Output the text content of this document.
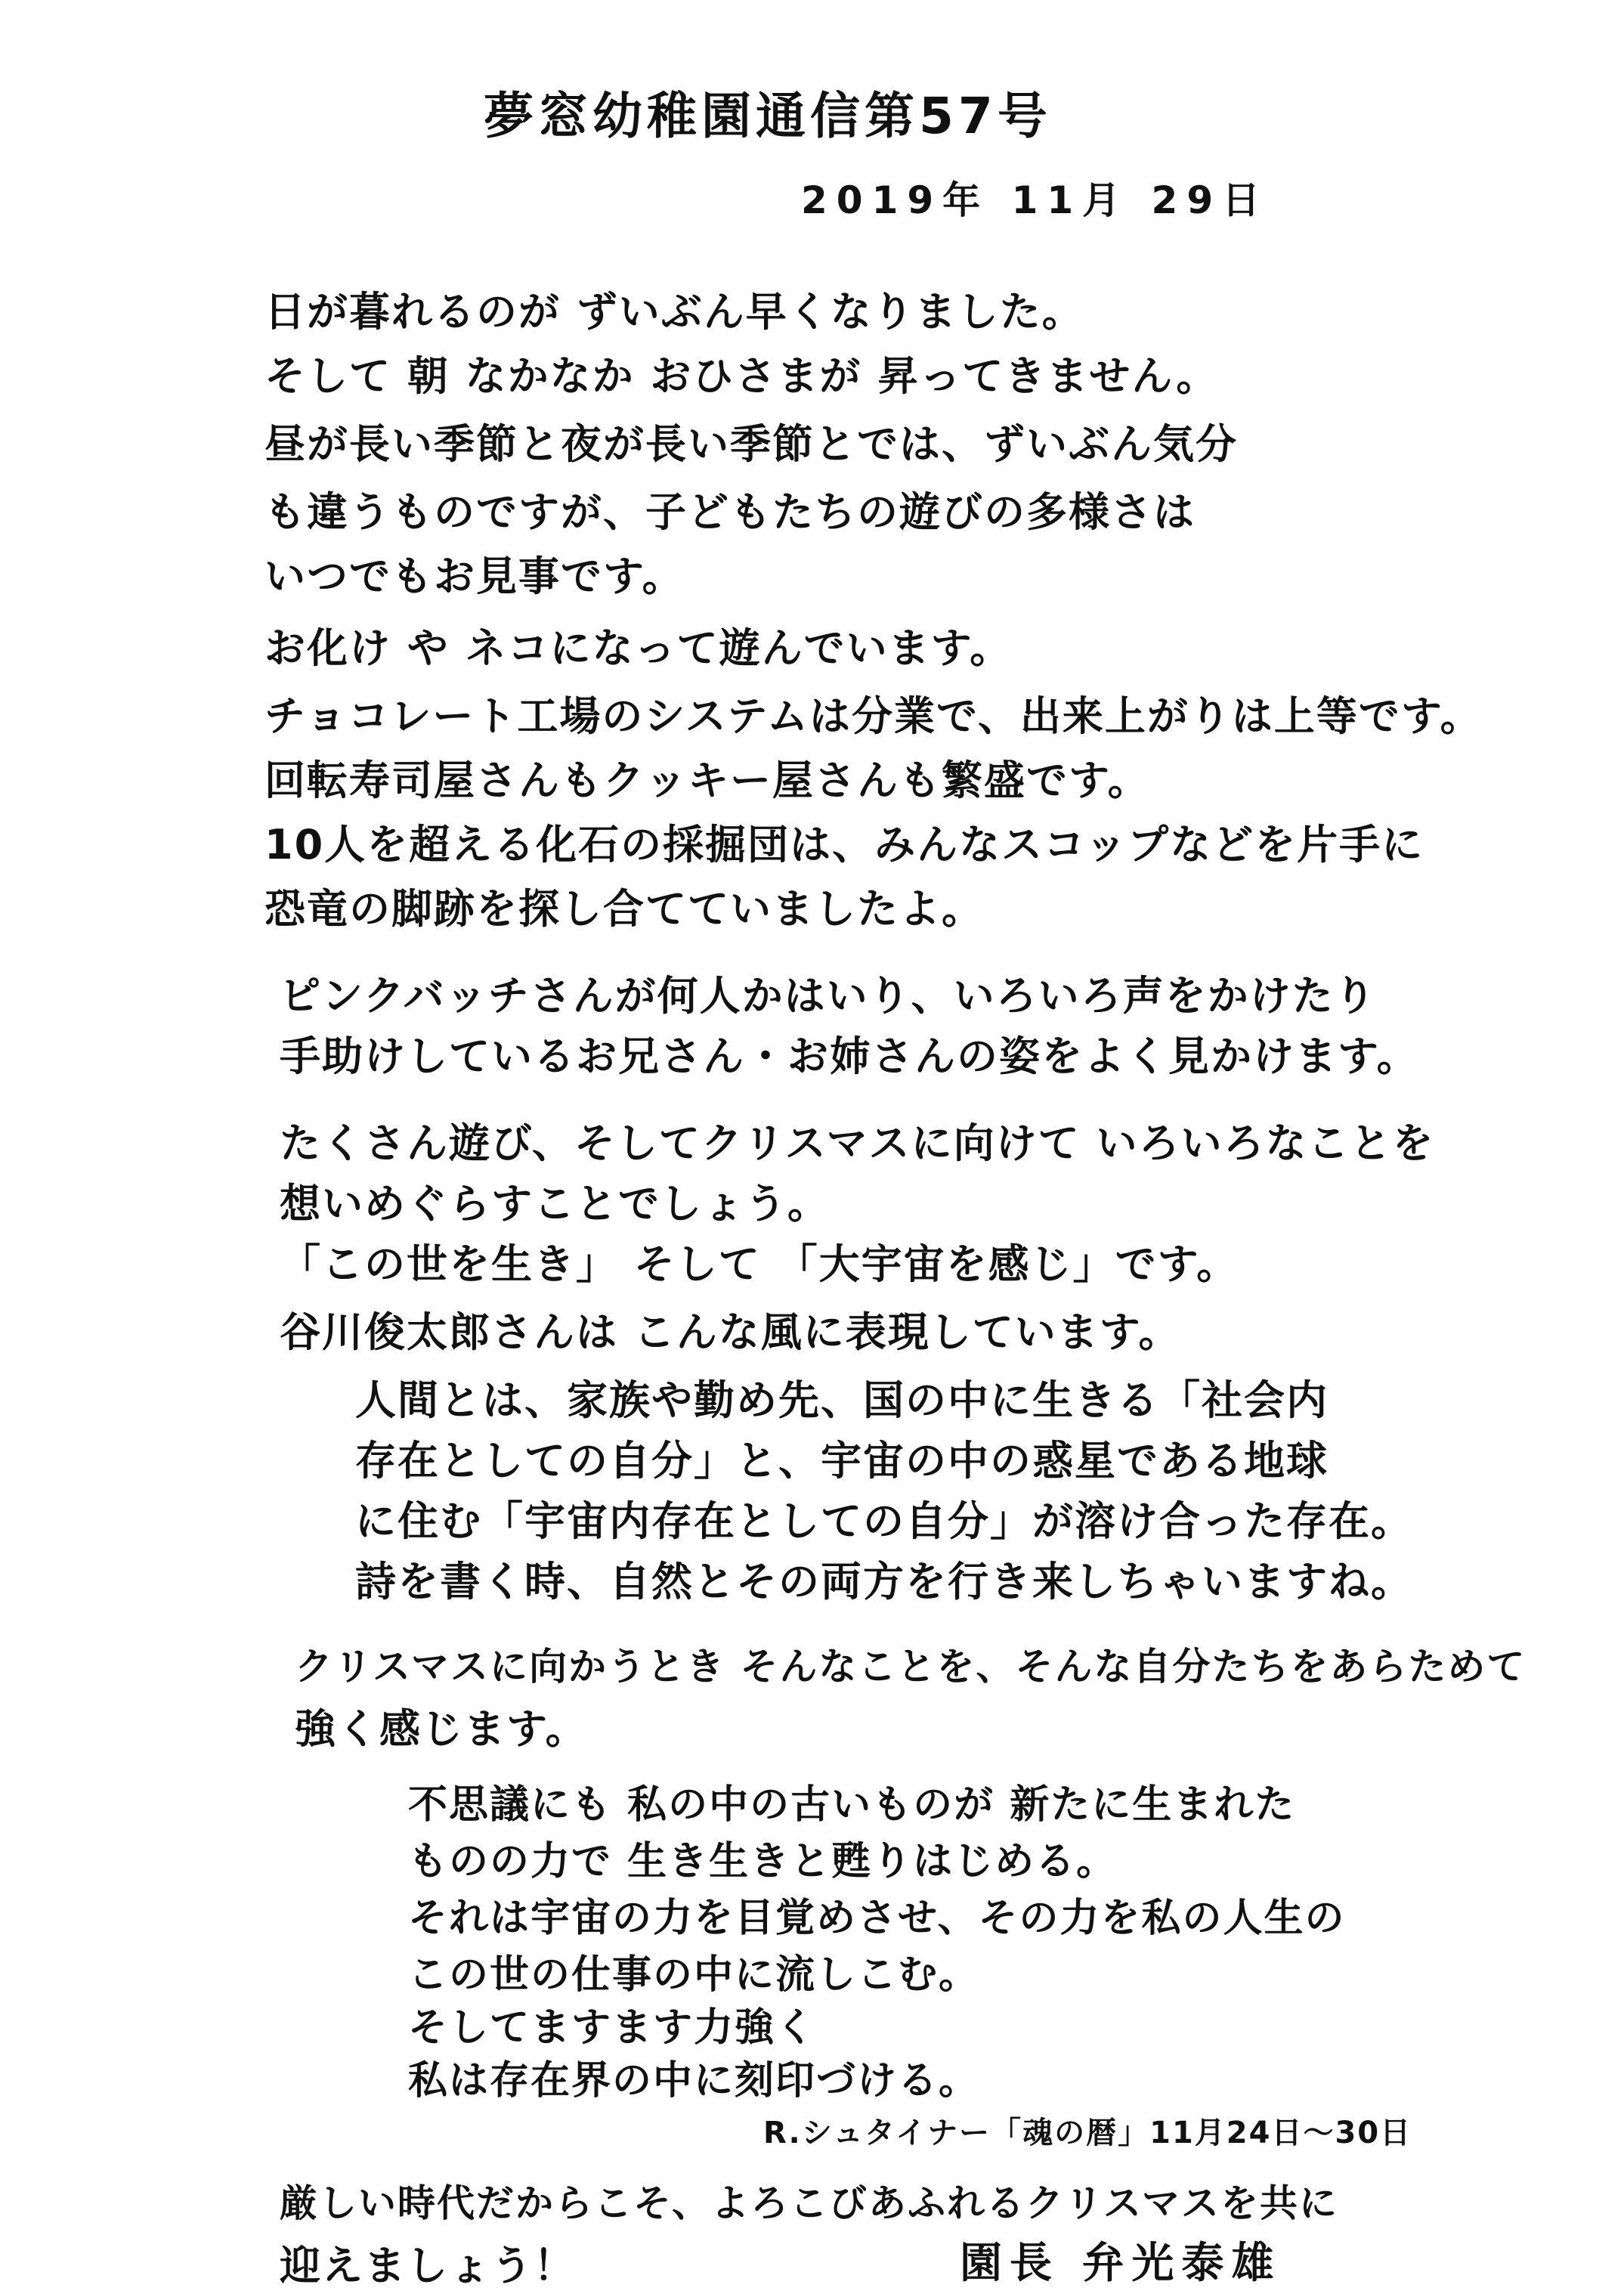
夢窓幼稚園通信第57号
2019年 11月 29日
日が暮れるのが ずいぶん早くなりました。
そして 朝 なかなか おひさまが 昇ってきません。
昼が長い季節と夜が長い季節とでは、ずいぶん気分
も違うものですが、子どもたちの遊びの多様さは
いつでもお見事です。
お化け や ネコになって遊んでいます。
チョコレート工場のシステムは分業で、出来上がりは上等です。
回転寿司屋さんもクッキー屋さんも繁盛です。
10人を超える化石の採掘団は、みんなスコップなどを片手に
恐竜の脚跡を探し合てていましたよ。
ピンクバッチさんが何人かはいり、いろいろ声をかけたり
手助けしているお兄さん・お姉さんの姿をよく見かけます。
たくさん遊び、そしてクリスマスに向けて いろいろなことを
想いめぐらすことでしょう。
「この世を生き」 そして 「大宇宙を感じ」です。
谷川俊太郎さんは こんな風に表現しています。
人間とは、家族や勤め先、国の中に生きる「社会内
存在としての自分」と、宇宙の中の惑星である地球
に住む「宇宙内存在としての自分」が溶け合った存在。
詩を書く時、自然とその両方を行き来しちゃいますね。
クリスマスに向かうとき そんなことを、そんな自分たちをあらためて
強く感じます。
不思議にも 私の中の古いものが 新たに生まれた
ものの力で 生き生きと甦りはじめる。
それは宇宙の力を目覚めさせ、その力を私の人生の
この世の仕事の中に流しこむ。
そしてますます力強く
私は存在界の中に刻印づける。
R.シュタイナー「魂の暦」11月24日〜30日
厳しい時代だからこそ、よろこびあふれるクリスマスを共に
迎えましょう！	園長 弁光泰雄
